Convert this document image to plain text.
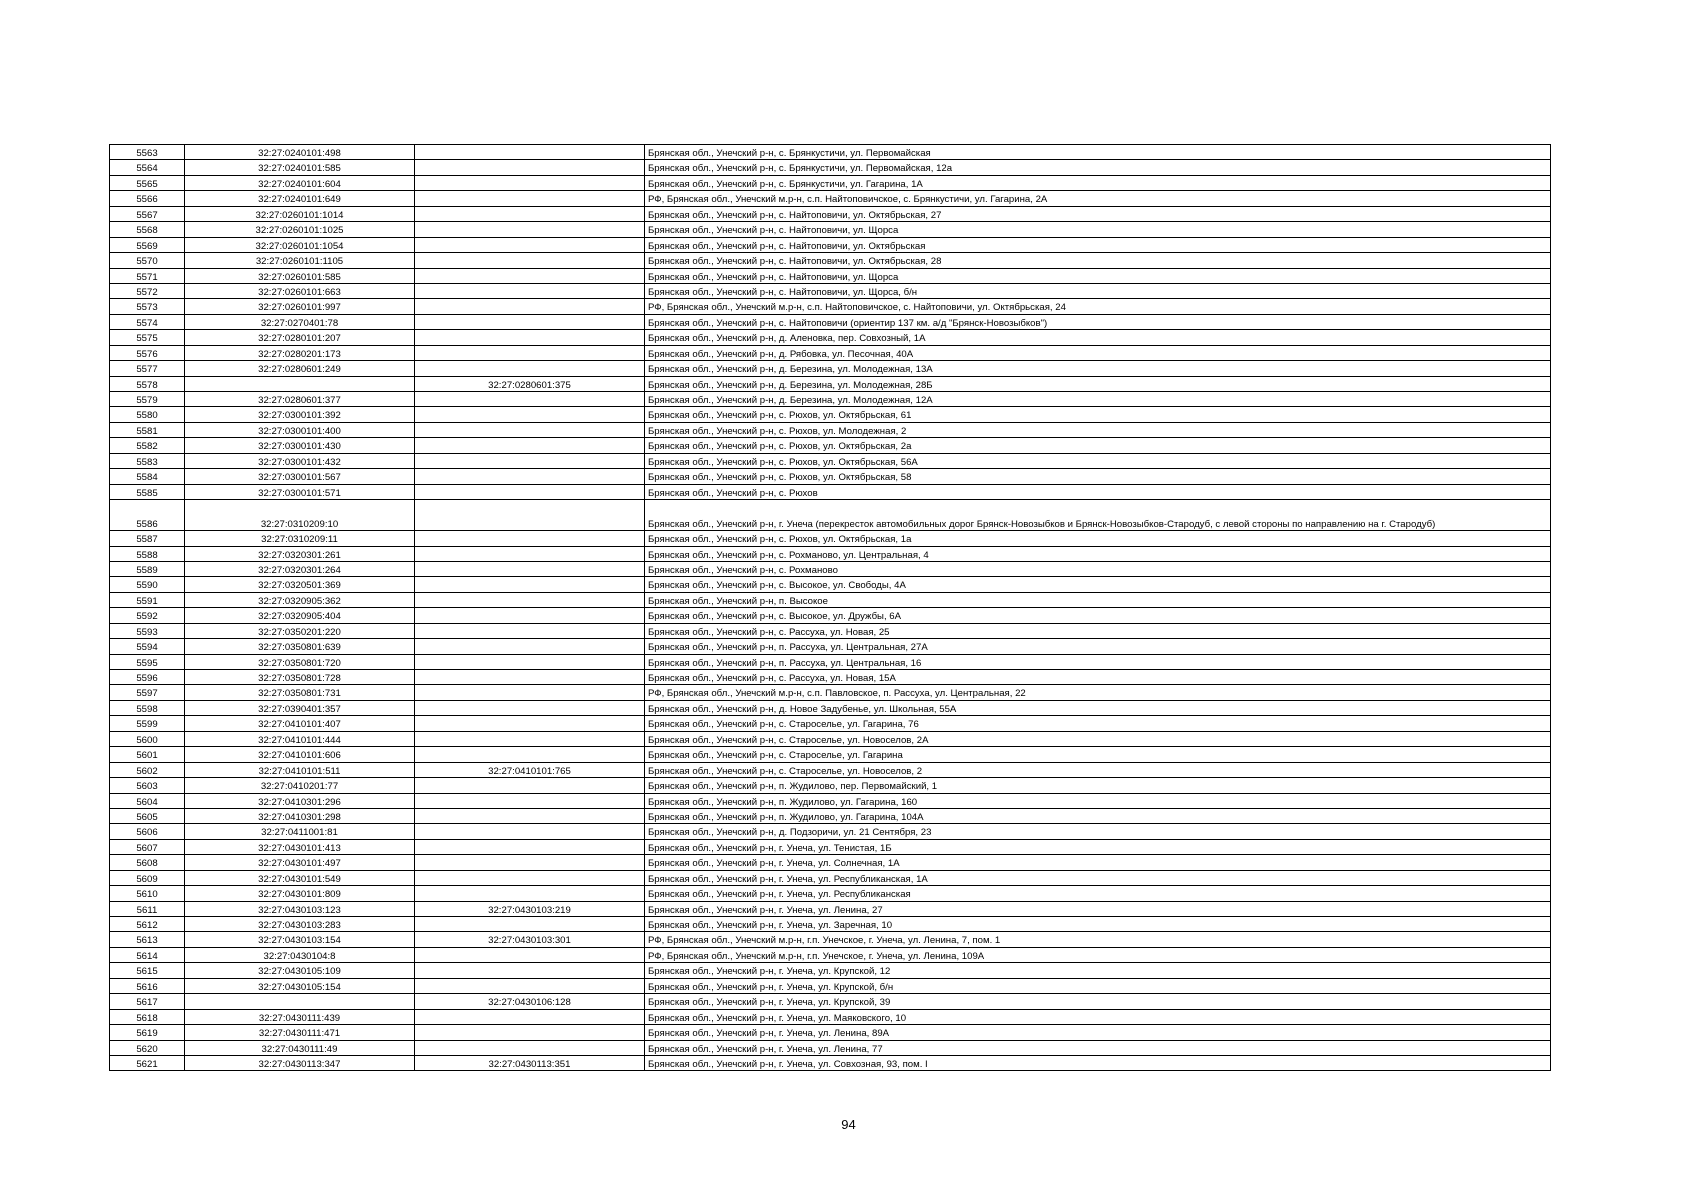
5563	32:27:0240101:498		Брянская обл., Унечский р-н, с. Брянкустичи, ул. Первомайская
5564	32:27:0240101:585		Брянская обл., Унечский р-н, с. Брянкустичи, ул. Первомайская, 12а
5565	32:27:0240101:604		Брянская обл., Унечский р-н, с. Брянкустичи, ул. Гагарина, 1А
5566	32:27:0240101:649		РФ, Брянская обл., Унечский м.р-н, с.п. Найтоповичское, с. Брянкустичи, ул. Гагарина, 2А
5567	32:27:0260101:1014		Брянская обл., Унечский р-н, с. Найтоповичи, ул. Октябрьская, 27
5568	32:27:0260101:1025		Брянская обл., Унечский р-н, с. Найтоповичи, ул. Щорса
5569	32:27:0260101:1054		Брянская обл., Унечский р-н, с. Найтоповичи, ул. Октябрьская
5570	32:27:0260101:1105		Брянская обл., Унечский р-н, с. Найтоповичи, ул. Октябрьская, 28
5571	32:27:0260101:585		Брянская обл., Унечский р-н, с. Найтоповичи, ул. Щорса
5572	32:27:0260101:663		Брянская обл., Унечский р-н, с. Найтоповичи, ул. Щорса, б/н
5573	32:27:0260101:997		РФ, Брянская обл., Унечский м.р-н, с.п. Найтоповичское, с. Найтоповичи, ул. Октябрьская, 24
5574	32:27:0270401:78		Брянская обл., Унечский р-н, с. Найтоповичи (ориентир 137 км. а/д "Брянск-Новозыбков")
5575	32:27:0280101:207		Брянская обл., Унечский р-н, д. Аленовка, пер. Совхозный, 1А
5576	32:27:0280201:173		Брянская обл., Унечский р-н, д. Рябовка, ул. Песочная, 40А
5577	32:27:0280601:249		Брянская обл., Унечский р-н, д. Березина, ул. Молодежная, 13А
5578		32:27:0280601:375	Брянская обл., Унечский р-н, д. Березина, ул. Молодежная, 28Б
5579	32:27:0280601:377		Брянская обл., Унечский р-н, д. Березина, ул. Молодежная, 12А
5580	32:27:0300101:392		Брянская обл., Унечский р-н, с. Рюхов, ул. Октябрьская, 61
5581	32:27:0300101:400		Брянская обл., Унечский р-н, с. Рюхов, ул. Молодежная, 2
5582	32:27:0300101:430		Брянская обл., Унечский р-н, с. Рюхов, ул. Октябрьская, 2а
5583	32:27:0300101:432		Брянская обл., Унечский р-н, с. Рюхов, ул. Октябрьская, 56А
5584	32:27:0300101:567		Брянская обл., Унечский р-н, с. Рюхов, ул. Октябрьская, 58
5585	32:27:0300101:571		Брянская обл., Унечский р-н, с. Рюхов
5586	32:27:0310209:10		Брянская обл., Унечский р-н, г. Унеча (перекресток автомобильных дорог Брянск-Новозыбков и Брянск-Новозыбков-Стародуб, с левой стороны по направлению на г. Стародуб)
5587	32:27:0310209:11		Брянская обл., Унечский р-н, с. Рюхов, ул. Октябрьская, 1а
5588	32:27:0320301:261		Брянская обл., Унечский р-н, с. Рохманово, ул. Центральная, 4
5589	32:27:0320301:264		Брянская обл., Унечский р-н, с. Рохманово
5590	32:27:0320501:369		Брянская обл., Унечский р-н, с. Высокое, ул. Свободы, 4А
5591	32:27:0320905:362		Брянская обл., Унечский р-н, п. Высокое
5592	32:27:0320905:404		Брянская обл., Унечский р-н, с. Высокое, ул. Дружбы, 6А
5593	32:27:0350201:220		Брянская обл., Унечский р-н, с. Рассуха, ул. Новая, 25
5594	32:27:0350801:639		Брянская обл., Унечский р-н, п. Рассуха, ул. Центральная, 27А
5595	32:27:0350801:720		Брянская обл., Унечский р-н, п. Рассуха, ул. Центральная, 16
5596	32:27:0350801:728		Брянская обл., Унечский р-н, с. Рассуха, ул. Новая, 15А
5597	32:27:0350801:731		РФ, Брянская обл., Унечский м.р-н, с.п. Павловское, п. Рассуха, ул. Центральная, 22
5598	32:27:0390401:357		Брянская обл., Унечский р-н, д. Новое Задубенье, ул. Школьная, 55А
5599	32:27:0410101:407		Брянская обл., Унечский р-н, с. Староселье, ул. Гагарина, 76
5600	32:27:0410101:444		Брянская обл., Унечский р-н, с. Староселье, ул. Новоселов, 2А
5601	32:27:0410101:606		Брянская обл., Унечский р-н, с. Староселье, ул. Гагарина
5602	32:27:0410101:511	32:27:0410101:765	Брянская обл., Унечский р-н, с. Староселье, ул. Новоселов, 2
5603	32:27:0410201:77		Брянская обл., Унечский р-н, п. Жудилово, пер. Первомайский, 1
5604	32:27:0410301:296		Брянская обл., Унечский р-н, п. Жудилово, ул. Гагарина, 160
5605	32:27:0410301:298		Брянская обл., Унечский р-н, п. Жудилово, ул. Гагарина, 104А
5606	32:27:0411001:81		Брянская обл., Унечский р-н, д. Подзоричи, ул. 21 Сентября, 23
5607	32:27:0430101:413		Брянская обл., Унечский р-н, г. Унеча, ул. Тенистая, 1Б
5608	32:27:0430101:497		Брянская обл., Унечский р-н, г. Унеча, ул. Солнечная, 1А
5609	32:27:0430101:549		Брянская обл., Унечский р-н, г. Унеча, ул. Республиканская, 1А
5610	32:27:0430101:809		Брянская обл., Унечский р-н, г. Унеча, ул. Республиканская
5611	32:27:0430103:123	32:27:0430103:219	Брянская обл., Унечский р-н, г. Унеча, ул. Ленина, 27
5612	32:27:0430103:283		Брянская обл., Унечский р-н, г. Унеча, ул. Заречная, 10
5613	32:27:0430103:154	32:27:0430103:301	РФ, Брянская обл., Унечский м.р-н, г.п. Унечское, г. Унеча, ул. Ленина, 7, пом. 1
5614	32:27:0430104:8		РФ, Брянская обл., Унечский м.р-н, г.п. Унечское, г. Унеча, ул. Ленина, 109А
5615	32:27:0430105:109		Брянская обл., Унечский р-н, г. Унеча, ул. Крупской, 12
5616	32:27:0430105:154		Брянская обл., Унечский р-н, г. Унеча, ул. Крупской, б/н
5617		32:27:0430106:128	Брянская обл., Унечский р-н, г. Унеча, ул. Крупской, 39
5618	32:27:0430111:439		Брянская обл., Унечский р-н, г. Унеча, ул. Маяковского, 10
5619	32:27:0430111:471		Брянская обл., Унечский р-н, г. Унеча, ул. Ленина, 89А
5620	32:27:0430111:49		Брянская обл., Унечский р-н, г. Унеча, ул. Ленина, 77
5621	32:27:0430113:347	32:27:0430113:351	Брянская обл., Унечский р-н, г. Унеча, ул. Совхозная, 93, пом. I
94
